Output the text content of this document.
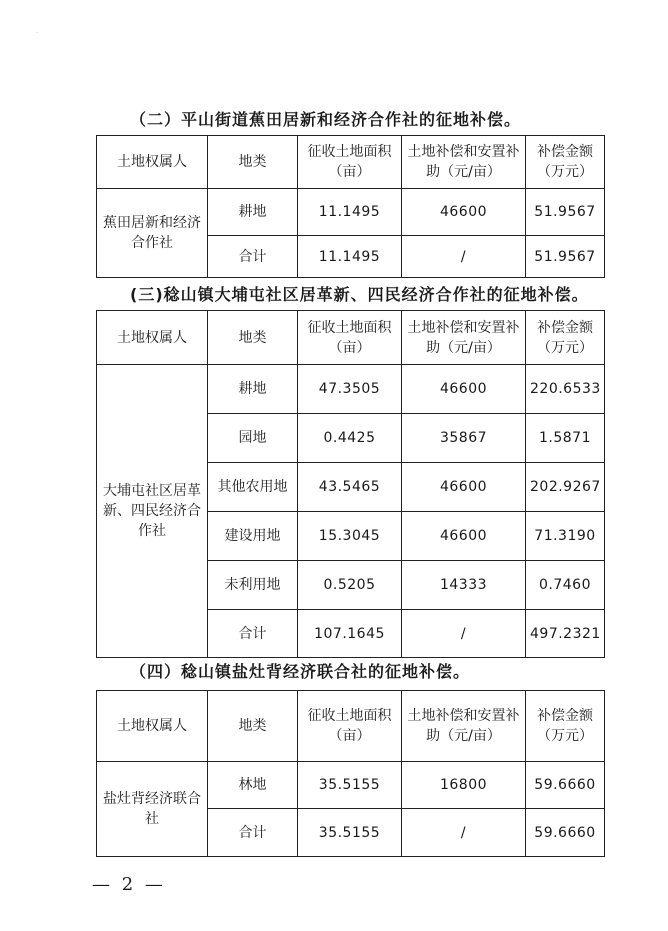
·
（二）平山街道蕉田居新和经济合作社的征地补偿。
土地权属人	地类	征收土地面积（亩）	土地补偿和安置补助（元/亩）	补偿金额（万元）
蕉田居新和经济合作社	耕地	11.1495	46600	51.9567
	合计	11.1495	/	51.9567
(三)稔山镇大埔屯社区居革新、四民经济合作社的征地补偿。
土地权属人	地类	征收土地面积（亩）	土地补偿和安置补助（元/亩）	补偿金额（万元）
大埔屯社区居革新、四民经济合作社	耕地	47.3505	46600	220.6533
	园地	0.4425	35867	1.5871
	其他农用地	43.5465	46600	202.9267
	建设用地	15.3045	46600	71.3190
	未利用地	0.5205	14333	0.7460
	合计	107.1645	/	497.2321
（四）稔山镇盐灶背经济联合社的征地补偿。
土地权属人	地类	征收土地面积（亩）	土地补偿和安置补助（元/亩）	补偿金额（万元）
盐灶背经济联合社	林地	35.5155	16800	59.6660
	合计	35.5155	/	59.6660
— 2 —
